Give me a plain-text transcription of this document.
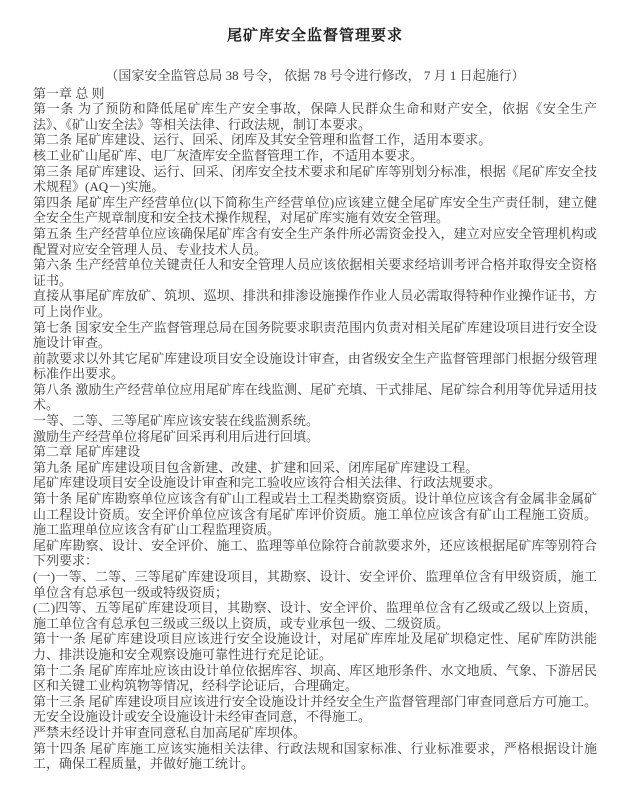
尾矿库安全监督管理要求
（国家安全监管总局 38 号令， 依据 78 号令进行修改， 7 月 1 日起施行）

第一章 总 则

第一条 为了预防和降低尾矿库生产安全事故，保障人民群众生命和财产安全，依据《安全生产法》、《矿山安全法》等相关法律、行政法规，制订本要求。

第二条 尾矿库建设、运行、回采、闭库及其安全管理和监督工作，适用本要求。

核工业矿山尾矿库、电厂灰渣库安全监督管理工作，不适用本要求。

第三条 尾矿库建设、运行、回采、闭库安全技术要求和尾矿库等别划分标准，根据《尾矿库安全技术规程》(AQ－)实施。

第四条 尾矿库生产经营单位(以下简称生产经营单位)应该建立健全尾矿库安全生产责任制，建立健全安全生产规章制度和安全技术操作规程，对尾矿库实施有效安全管理。

第五条 生产经营单位应该确保尾矿库含有安全生产条件所必需资金投入，建立对应安全管理机构或配置对应安全管理人员、专业技术人员。

第六条 生产经营单位关键责任人和安全管理人员应该依据相关要求经培训考评合格并取得安全资格证书。

直接从事尾矿库放矿、筑坝、巡坝、排洪和排渗设施操作作业人员必需取得特种作业操作证书，方可上岗作业。

第七条 国家安全生产监督管理总局在国务院要求职责范围内负责对相关尾矿库建设项目进行安全设施设计审查。

前款要求以外其它尾矿库建设项目安全设施设计审查，由省级安全生产监督管理部门根据分级管理标准作出要求。

第八条 激励生产经营单位应用尾矿库在线监测、尾矿充填、干式排尾、尾矿综合利用等优异适用技术。

一等、二等、三等尾矿库应该安装在线监测系统。

激励生产经营单位将尾矿回采再利用后进行回填。

第二章 尾矿库建设

第九条 尾矿库建设项目包含新建、改建、扩建和回采、闭库尾矿库建设工程。

尾矿库建设项目安全设施设计审查和完工验收应该符合相关法律、行政法规要求。

第十条 尾矿库勘察单位应该含有矿山工程或岩土工程类勘察资质。设计单位应该含有金属非金属矿山工程设计资质。安全评价单位应该含有尾矿库评价资质。施工单位应该含有矿山工程施工资质。施工监理单位应该含有矿山工程监理资质。

尾矿库勘察、设计、安全评价、施工、监理等单位除符合前款要求外，还应该根据尾矿库等别符合下列要求：

(一)一等、二等、三等尾矿库建设项目，其勘察、设计、安全评价、监理单位含有甲级资质，施工单位含有总承包一级或特级资质；

(二)四等、五等尾矿库建设项目，其勘察、设计、安全评价、监理单位含有乙级或乙级以上资质，施工单位含有总承包三级或三级以上资质，或专业承包一级、二级资质。

第十一条 尾矿库建设项目应该进行安全设施设计，对尾矿库库址及尾矿坝稳定性、尾矿库防洪能力、排洪设施和安全观察设施可靠性进行充足论证。

第十二条 尾矿库库址应该由设计单位依据库容、坝高、库区地形条件、水文地质、气象、下游居民区和关键工业构筑物等情况，经科学论证后，合理确定。

第十三条 尾矿库建设项目应该进行安全设施设计并经安全生产监督管理部门审查同意后方可施工。无安全设施设计或安全设施设计未经审查同意，不得施工。

严禁未经设计并审查同意私自加高尾矿库坝体。

第十四条 尾矿库施工应该实施相关法律、行政法规和国家标准、行业标准要求，严格根据设计施工，确保工程质量，并做好施工统计。
